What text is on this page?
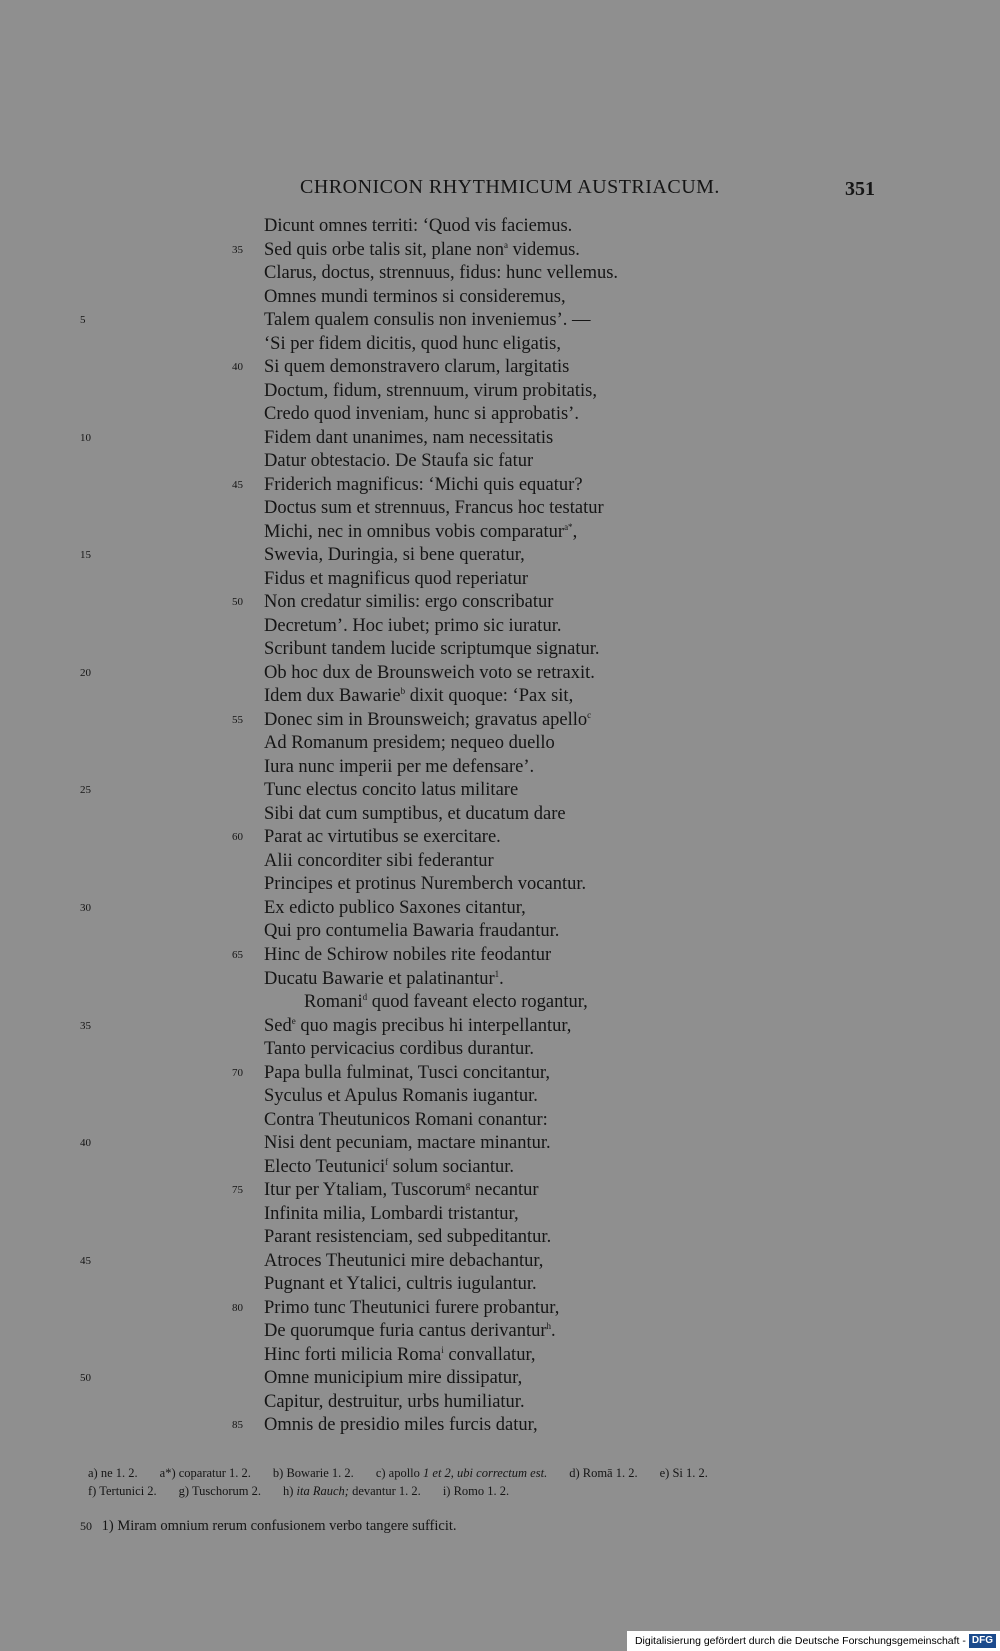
CHRONICON RHYTHMICUM AUSTRIACUM.	351
Dicunt omnes territi: ‘Quod vis faciemus.
35	Sed quis orbe talis sit, plane non$^a$ videmus.
Clarus, doctus, strennuus, fidus: hunc vellemus.
Omnes mundi terminos si consideremus,
5	Talem qualem consulis non inveniemus’. —
‘Si per fidem dicitis, quod hunc eligatis,
40	Si quem demonstravero clarum, largitatis
Doctum, fidum, strennuum, virum probitatis,
Credo quod inveniam, hunc si approbatis’.
10	Fidem dant unanimes, nam necessitatis
Datur obtestacio. De Staufa sic fatur
45	Friderich magnificus: ‘Michi quis equatur?
Doctus sum et strennuus, Francus hoc testatur
Michi, nec in omnibus vobis comparatur$^{a*}$,
15	Swevia, Duringia, si bene queratur,
Fidus et magnificus quod reperiatur
50	Non credatur similis: ergo conscribatur
Decretum’. Hoc iubet; primo sic iuratur.
Scribunt tandem lucide scriptumque signatur.
20	Ob hoc dux de Brounsweich voto se retraxit.
Idem dux Bawarie$^b$ dixit quoque: ‘Pax sit,
55	Donec sim in Brounsweich; gravatus apello$^c$
Ad Romanum presidem; nequeo duello
Iura nunc imperii per me defensare’.
25	Tunc electus concito latus militare
Sibi dat cum sumptibus, et ducatum dare
60	Parat ac virtutibus se exercitare.
Alii concorditer sibi federantur
Principes et protinus Nuremberch vocantur.
30	Ex edicto publico Saxones citantur,
Qui pro contumelia Bawaria fraudantur.
65	Hinc de Schirow nobiles rite feodantur
Ducatu Bawarie et palatinantur$^1$.
Romani$^d$ quod faveant electo rogantur,
35	Sed$^e$ quo magis precibus hi interpellantur,
Tanto pervicacius cordibus durantur.
70	Papa bulla fulminat, Tusci concitantur,
Syculus et Apulus Romanis iugantur.
Contra Theutunicos Romani conantur:
40	Nisi dent pecuniam, mactare minantur.
Electo Teutunici$^f$ solum sociantur.
75	Itur per Ytaliam, Tuscorum$^g$ necantur
Infinita milia, Lombardi tristantur,
Parant resistenciam, sed subpeditantur.
45	Atroces Theutunici mire debachantur,
Pugnant et Ytalici, cultris iugulantur.
80	Primo tunc Theutunici furere probantur,
De quorumque furia cantus derivantur$^h$.
Hinc forti milicia Roma$^i$ convallatur,
50	Omne municipium mire dissipatur,
Capitur, destruitur, urbs humiliatur.
85	Omnis de presidio miles furcis datur,
a) ne 1. 2. a*) coparatur 1. 2. b) Bowarie 1. 2. c) apollo 1 et 2, ubi correctum est. d) Romā 1. 2. e) Si 1. 2.
f) Tertunici 2. g) Tuschorum 2. h) ita Rauch; devantur 1. 2. i) Romo 1. 2.
50 1) Miram omnium rerum confusionem verbo tangere sufficit.
Digitalisierung gefördert durch die Deutsche Forschungsgemeinschaft - DFG
